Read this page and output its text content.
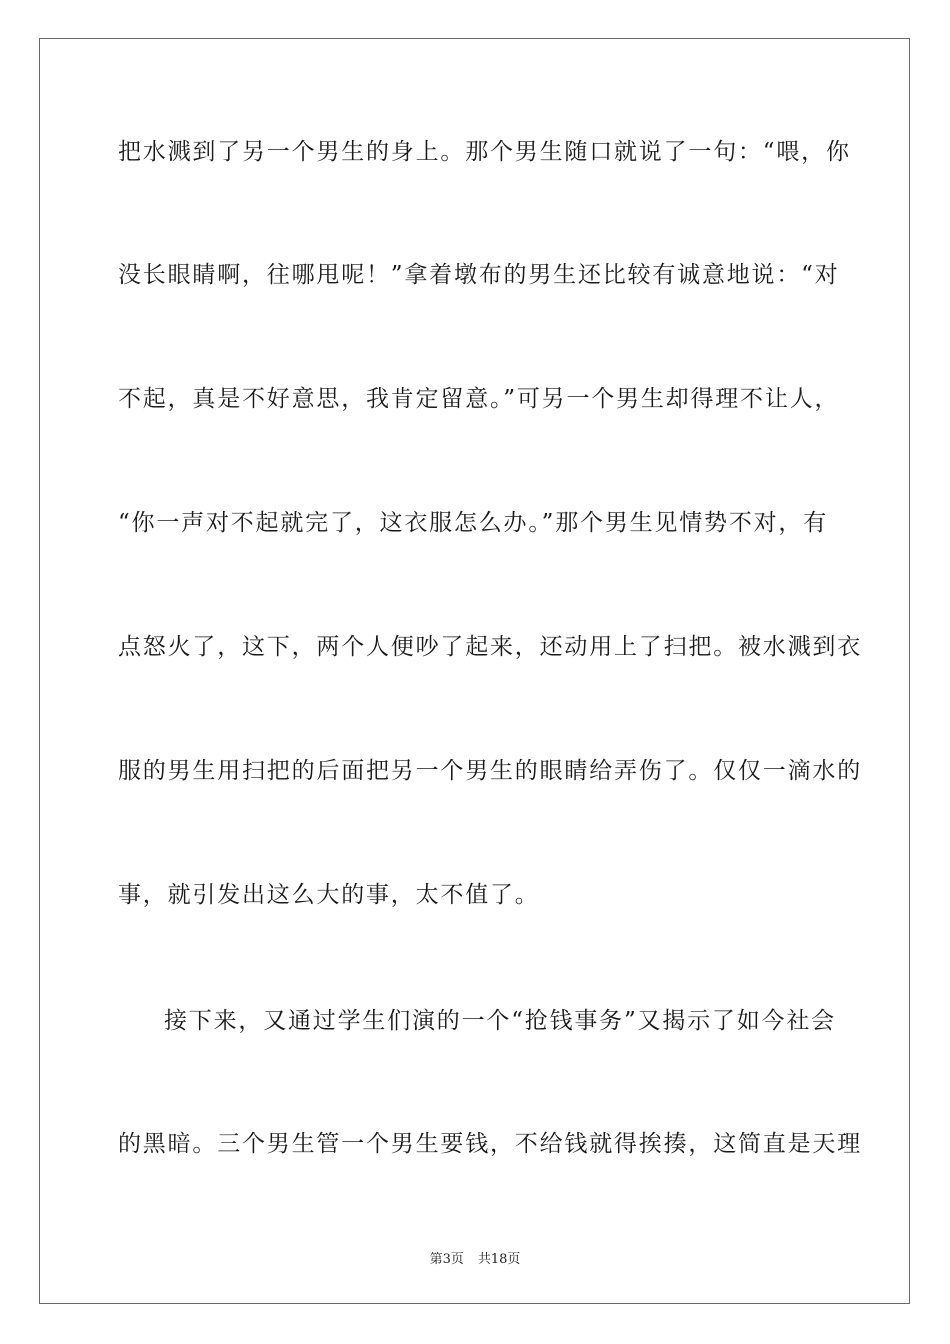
把水溅到了另一个男生的身上。那个男生随口就说了一句：“喂，你
没长眼睛啊，往哪甩呢！”拿着墩布的男生还比较有诚意地说：“对
不起，真是不好意思，我肯定留意。”可另一个男生却得理不让人，
“你一声对不起就完了，这衣服怎么办。”那个男生见情势不对，有
点怒火了，这下，两个人便吵了起来，还动用上了扫把。被水溅到衣
服的男生用扫把的后面把另一个男生的眼睛给弄伤了。仅仅一滴水的
事，就引发出这么大的事，太不值了。
接下来，又通过学生们演的一个“抢钱事务”又揭示了如今社会
的黑暗。三个男生管一个男生要钱，不给钱就得挨揍，这简直是天理
第3页 共18页
